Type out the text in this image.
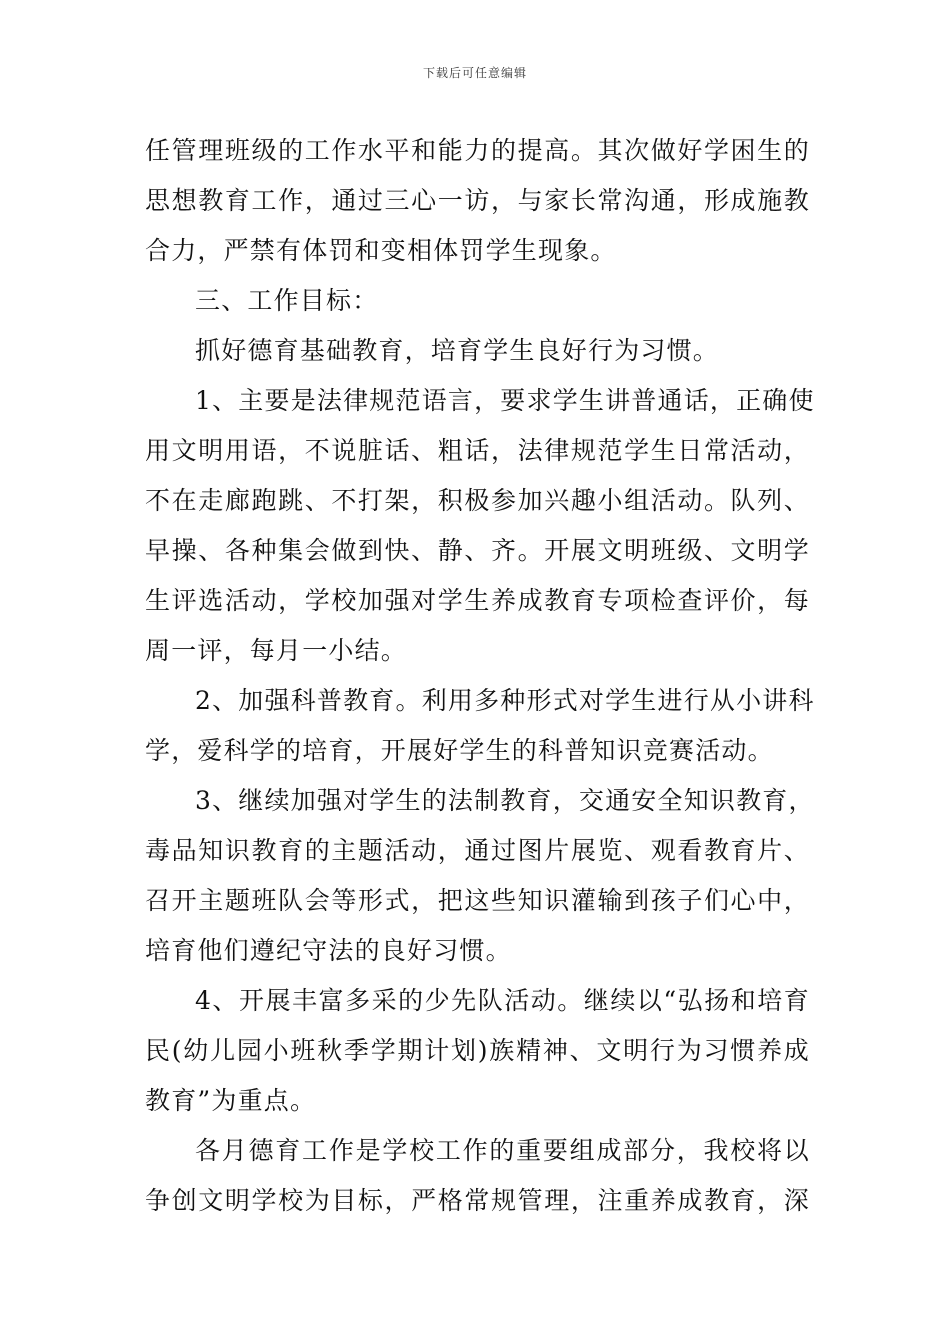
下载后可任意编辑
任管理班级的工作水平和能力的提高。其次做好学困生的
思想教育工作，通过三心一访，与家长常沟通，形成施教
合力，严禁有体罚和变相体罚学生现象。
三、工作目标：
抓好德育基础教育，培育学生良好行为习惯。
1、主要是法律规范语言，要求学生讲普通话，正确使
用文明用语，不说脏话、粗话，法律规范学生日常活动，
不在走廊跑跳、不打架，积极参加兴趣小组活动。队列、
早操、各种集会做到快、静、齐。开展文明班级、文明学
生评选活动，学校加强对学生养成教育专项检查评价，每
周一评，每月一小结。
2、加强科普教育。利用多种形式对学生进行从小讲科
学，爱科学的培育，开展好学生的科普知识竞赛活动。
3、继续加强对学生的法制教育，交通安全知识教育，
毒品知识教育的主题活动，通过图片展览、观看教育片、
召开主题班队会等形式，把这些知识灌输到孩子们心中，
培育他们遵纪守法的良好习惯。
4、开展丰富多采的少先队活动。继续以“弘扬和培育
民(幼儿园小班秋季学期计划)族精神、文明行为习惯养成
教育”为重点。
各月德育工作是学校工作的重要组成部分，我校将以
争创文明学校为目标，严格常规管理，注重养成教育，深
